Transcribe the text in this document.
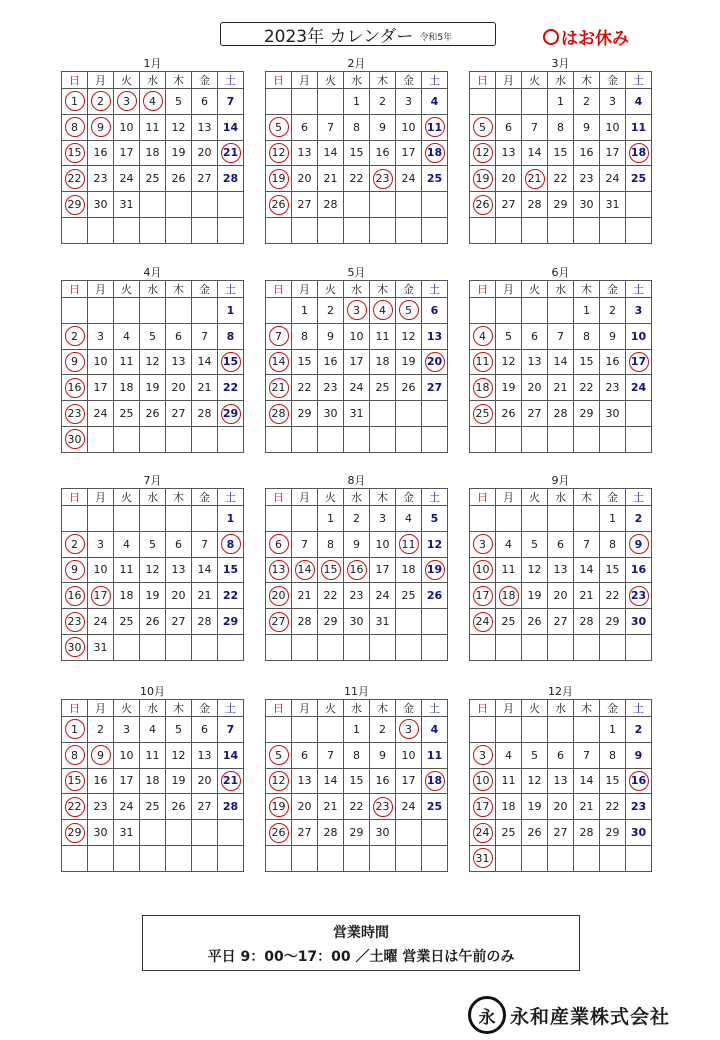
2023年 カレンダー 令和5年	はお休み
1月
日	月	火	水	木	金	土
1	2	3	4	5	6	7
8	9	10	11	12	13	14
15	16	17	18	19	20	21
22	23	24	25	26	27	28
29	30	31				

2月
日	月	火	水	木	金	土
			1	2	3	4
5	6	7	8	9	10	11
12	13	14	15	16	17	18
19	20	21	22	23	24	25
26	27	28				

3月
日	月	火	水	木	金	土
			1	2	3	4
5	6	7	8	9	10	11
12	13	14	15	16	17	18
19	20	21	22	23	24	25
26	27	28	29	30	31	

4月
日	月	火	水	木	金	土
						1
2	3	4	5	6	7	8
9	10	11	12	13	14	15
16	17	18	19	20	21	22
23	24	25	26	27	28	29
30						
5月
日	月	火	水	木	金	土
	1	2	3	4	5	6
7	8	9	10	11	12	13
14	15	16	17	18	19	20
21	22	23	24	25	26	27
28	29	30	31			

6月
日	月	火	水	木	金	土
				1	2	3
4	5	6	7	8	9	10
11	12	13	14	15	16	17
18	19	20	21	22	23	24
25	26	27	28	29	30	

7月
日	月	火	水	木	金	土
						1
2	3	4	5	6	7	8
9	10	11	12	13	14	15
16	17	18	19	20	21	22
23	24	25	26	27	28	29
30	31					
8月
日	月	火	水	木	金	土
		1	2	3	4	5
6	7	8	9	10	11	12
13	14	15	16	17	18	19
20	21	22	23	24	25	26
27	28	29	30	31		

9月
日	月	火	水	木	金	土
					1	2
3	4	5	6	7	8	9
10	11	12	13	14	15	16
17	18	19	20	21	22	23
24	25	26	27	28	29	30

10月
日	月	火	水	木	金	土
1	2	3	4	5	6	7
8	9	10	11	12	13	14
15	16	17	18	19	20	21
22	23	24	25	26	27	28
29	30	31				

11月
日	月	火	水	木	金	土
			1	2	3	4
5	6	7	8	9	10	11
12	13	14	15	16	17	18
19	20	21	22	23	24	25
26	27	28	29	30		

12月
日	月	火	水	木	金	土
					1	2
3	4	5	6	7	8	9
10	11	12	13	14	15	16
17	18	19	20	21	22	23
24	25	26	27	28	29	30
31						
営業時間
平日 9：00～17：00 ／土曜 営業日は午前のみ
永 永和産業株式会社
